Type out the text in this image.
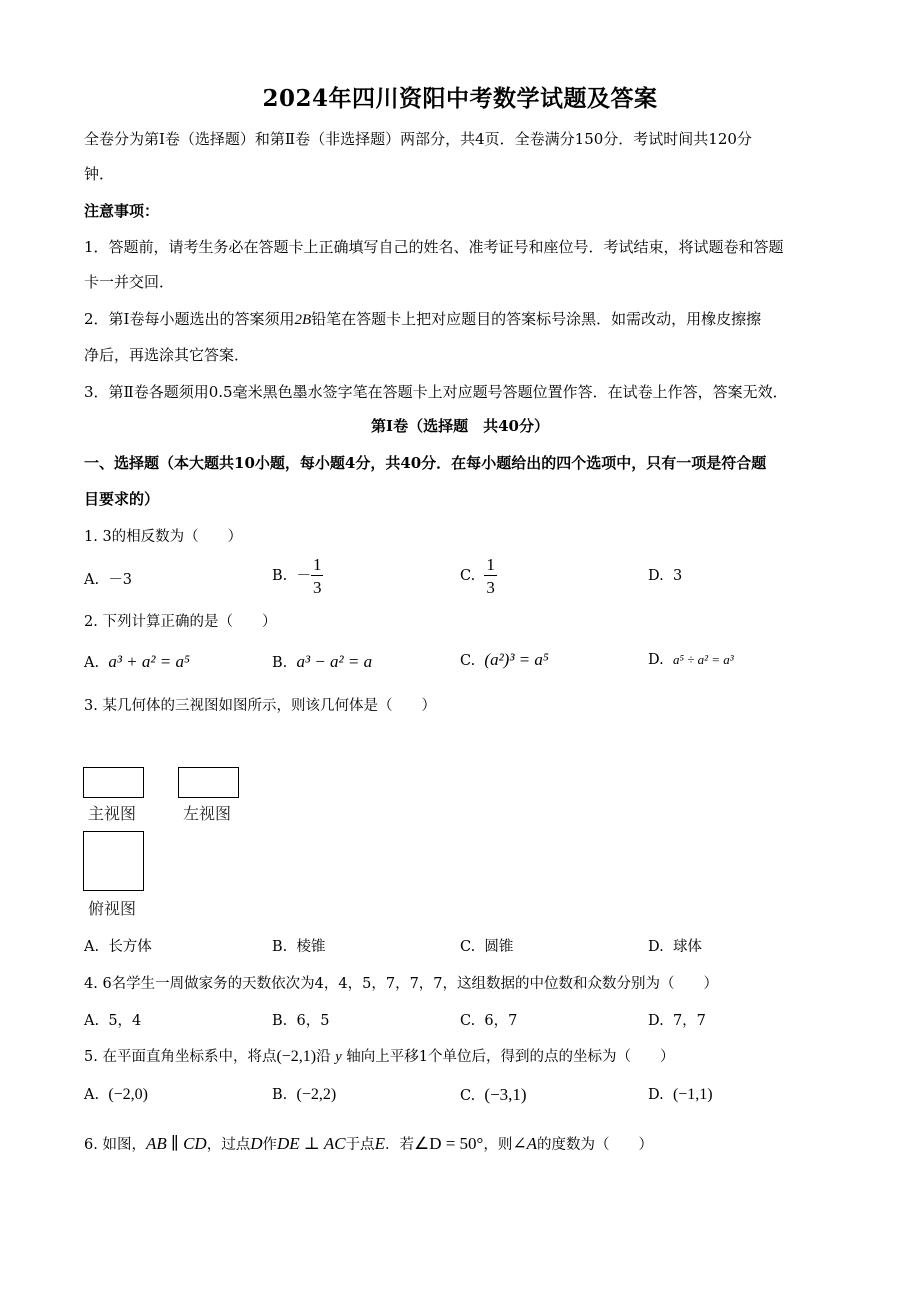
2024年四川资阳中考数学试题及答案
全卷分为第Ⅰ卷（选择题）和第Ⅱ卷（非选择题）两部分，共4页．全卷满分150分．考试时间共120分
钟．
注意事项：
1．答题前，请考生务必在答题卡上正确填写自己的姓名、准考证号和座位号．考试结束，将试题卷和答题
卡一并交回．
2．第Ⅰ卷每小题选出的答案须用2B铅笔在答题卡上把对应题目的答案标号涂黑．如需改动，用橡皮擦擦
净后，再选涂其它答案．
3．第Ⅱ卷各题须用0.5毫米黑色墨水签字笔在答题卡上对应题号答题位置作答．在试卷上作答，答案无效．
第Ⅰ卷（选择题　共40分）
一、选择题（本大题共10小题，每小题4分，共40分．在每小题给出的四个选项中，只有一项是符合题
目要求的）
1. 3的相反数为（　　）
A. －3	B. － $\frac{1}{3}$	C. $\frac{1}{3}$	D. 3
2. 下列计算正确的是（　　）
A. a³ + a² = a⁵	B. a³ − a² = a	C. (a²)³ = a⁵	D. a⁵ ÷ a² = a³
3. 某几何体的三视图如图所示，则该几何体是（　　）
主视图	左视图
俯视图
A. 长方体	B. 棱锥	C. 圆锥	D. 球体
4. 6名学生一周做家务的天数依次为4，4，5，7，7，7，这组数据的中位数和众数分别为（　　）
A. 5，4	B. 6，5	C. 6，7	D. 7，7
5. 在平面直角坐标系中，将点(−2,1)沿 y 轴向上平移1个单位后，得到的点的坐标为（　　）
A. (−2,0)	B. (−2,2)	C. (−3,1)	D. (−1,1)
6. 如图，AB ∥ CD，过点D作DE ⊥ AC于点E．若∠D = 50°，则∠A的度数为（　　）
